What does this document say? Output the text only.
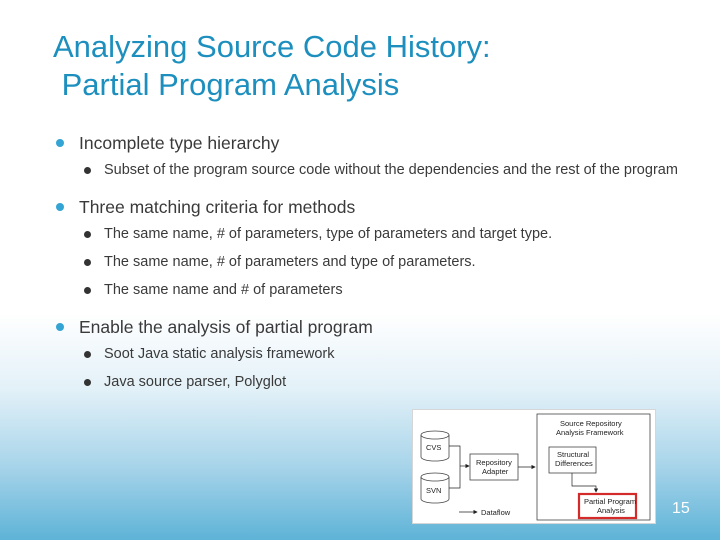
Analyzing Source Code History:
Partial Program Analysis
Incomplete type hierarchy
Subset of the program source code without the dependencies and the rest of the program
Three matching criteria for methods
The same name, # of parameters, type of parameters and target type.
The same name, # of parameters and type of parameters.
The same name and # of parameters
Enable the analysis of partial program
Soot Java static analysis framework
Java source parser, Polyglot
CVS
SVN
Repository
Adapter
Source Repository
Analysis Framework
Structural
Differences
Partial Program
Analysis
Dataflow	15
